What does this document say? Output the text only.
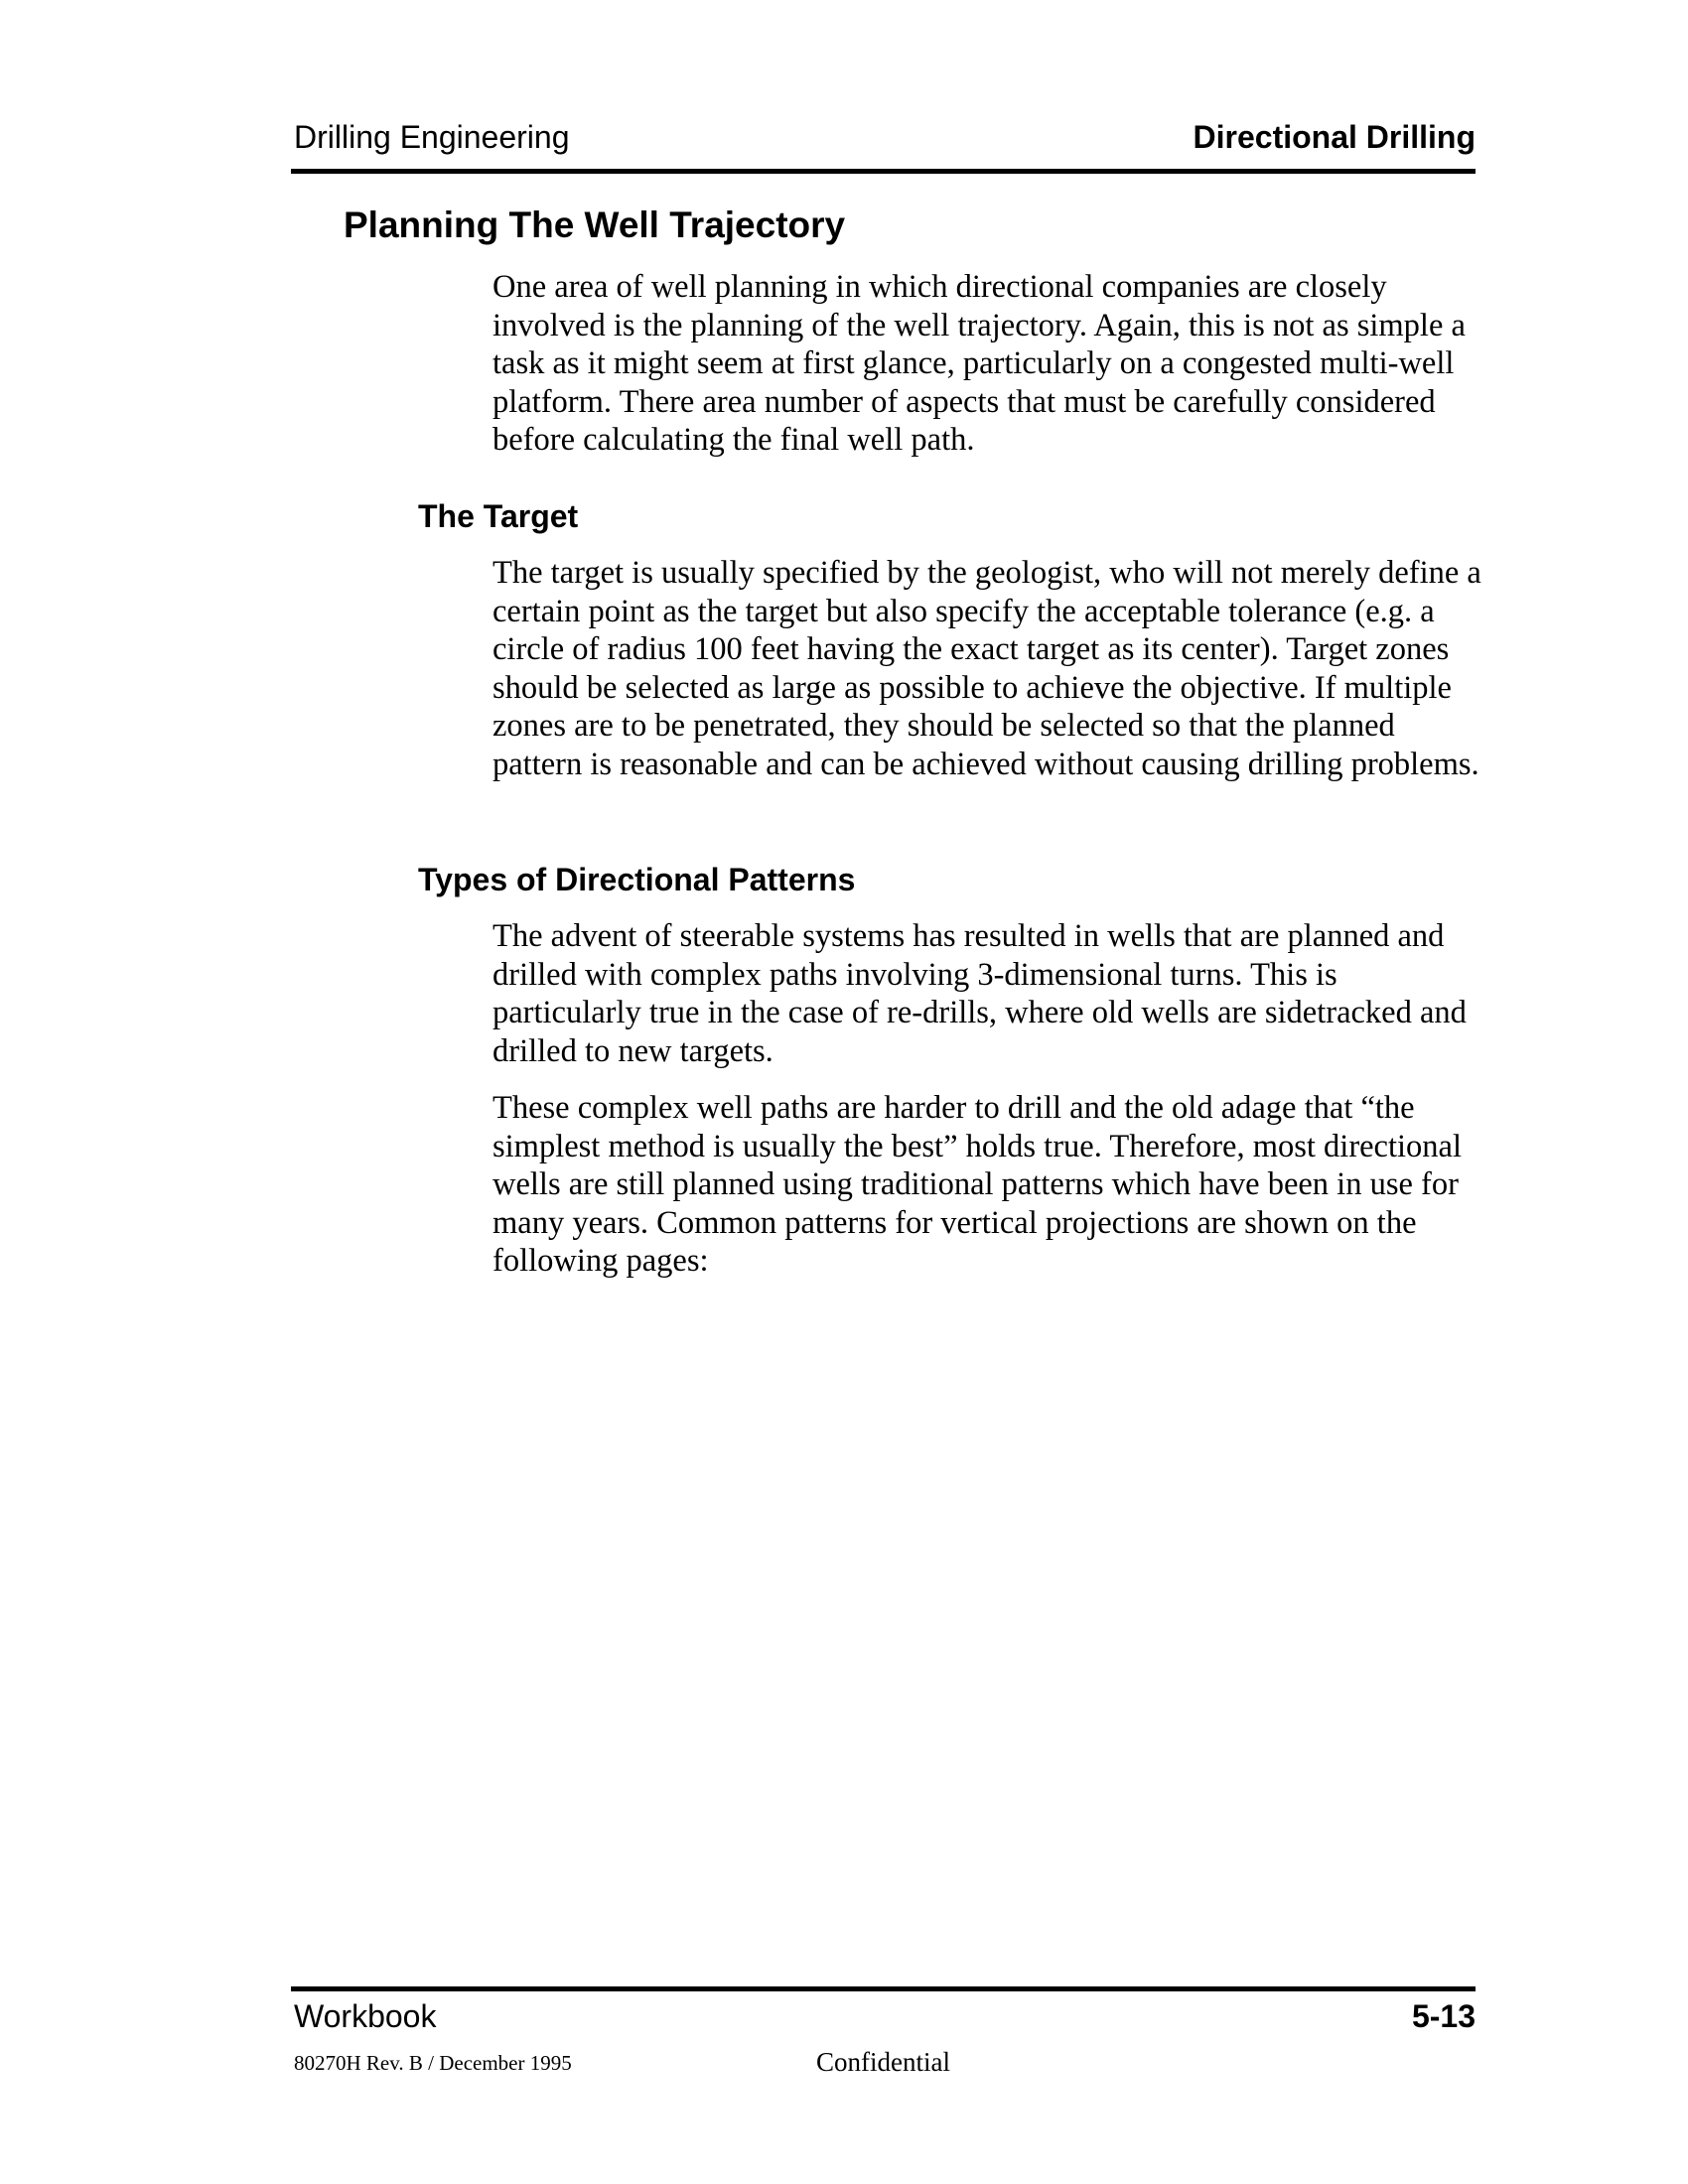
Drilling Engineering	Directional Drilling
Planning The Well Trajectory

One area of well planning in which directional companies are closely involved is the planning of the well trajectory. Again, this is not as simple a task as it might seem at first glance, particularly on a congested multi-well platform. There area number of aspects that must be carefully considered before calculating the final well path.

The Target

The target is usually specified by the geologist, who will not merely define a certain point as the target but also specify the acceptable tolerance (e.g. a circle of radius 100 feet having the exact target as its center). Target zones should be selected as large as possible to achieve the objective. If multiple zones are to be penetrated, they should be selected so that the planned pattern is reasonable and can be achieved without causing drilling problems.

Types of Directional Patterns

The advent of steerable systems has resulted in wells that are planned and drilled with complex paths involving 3-dimensional turns. This is particularly true in the case of re-drills, where old wells are sidetracked and drilled to new targets.

These complex well paths are harder to drill and the old adage that “the simplest method is usually the best” holds true. Therefore, most directional wells are still planned using traditional patterns which have been in use for many years. Common patterns for vertical projections are shown on the following pages:

Workbook	5-13
80270H Rev. B / December 1995	Confidential
